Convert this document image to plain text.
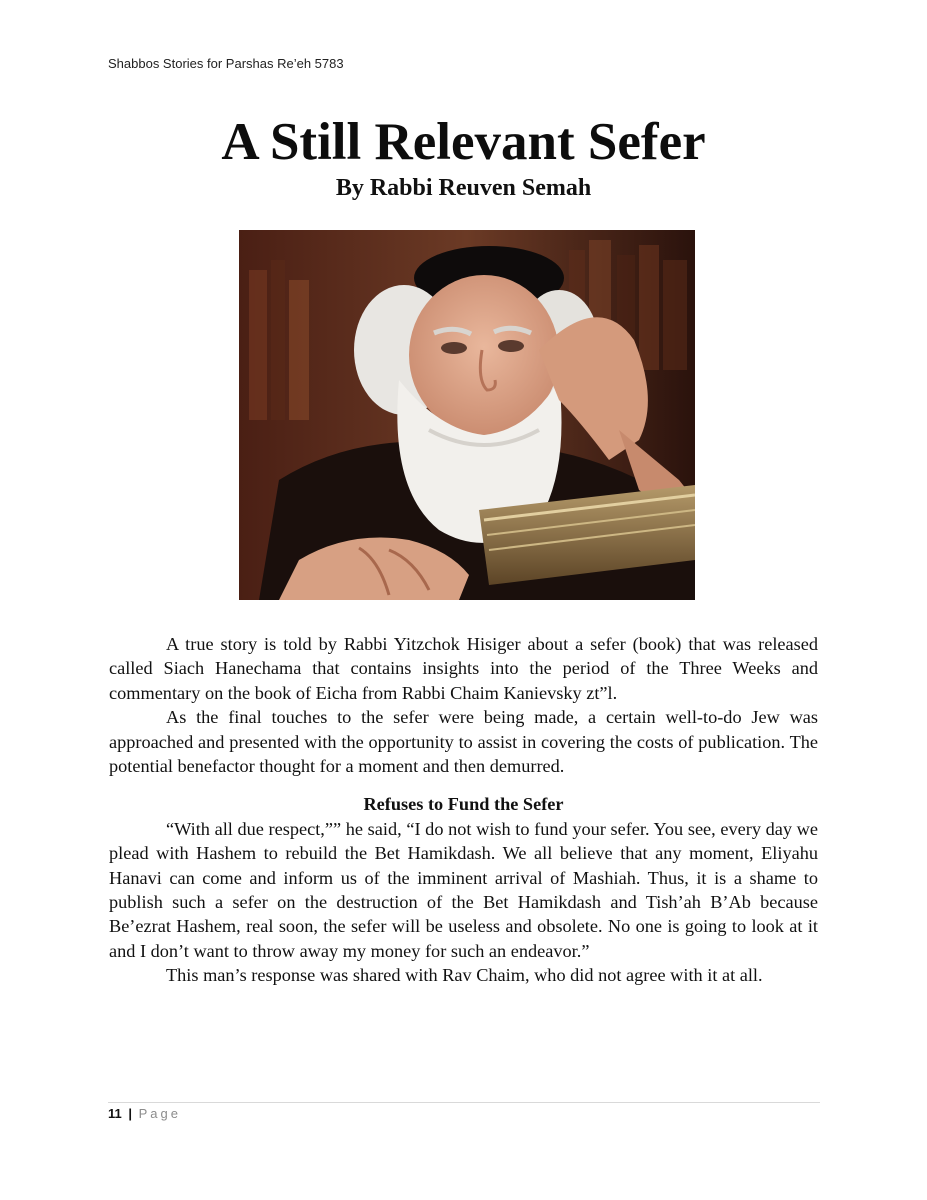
Shabbos Stories for Parshas Re’eh 5783
A Still Relevant Sefer
By Rabbi Reuven Semah

A true story is told by Rabbi Yitzchok Hisiger about a sefer (book) that was released called Siach Hanechama that contains insights into the period of the Three Weeks and commentary on the book of Eicha from Rabbi Chaim Kanievsky zt”l.

As the final touches to the sefer were being made, a certain well-to-do Jew was approached and presented with the opportunity to assist in covering the costs of publication. The potential benefactor thought for a moment and then demurred.

Refuses to Fund the Sefer

“With all due respect,”” he said, “I do not wish to fund your sefer. You see, every day we plead with Hashem to rebuild the Bet Hamikdash. We all believe that any moment, Eliyahu Hanavi can come and inform us of the imminent arrival of Mashiah. Thus, it is a shame to publish such a sefer on the destruction of the Bet Hamikdash and Tish’ah B’Ab because Be’ezrat Hashem, real soon, the sefer will be useless and obsolete. No one is going to look at it and I don’t want to throw away my money for such an endeavor.”

This man’s response was shared with Rav Chaim, who did not agree with it at all.

11 | Page
